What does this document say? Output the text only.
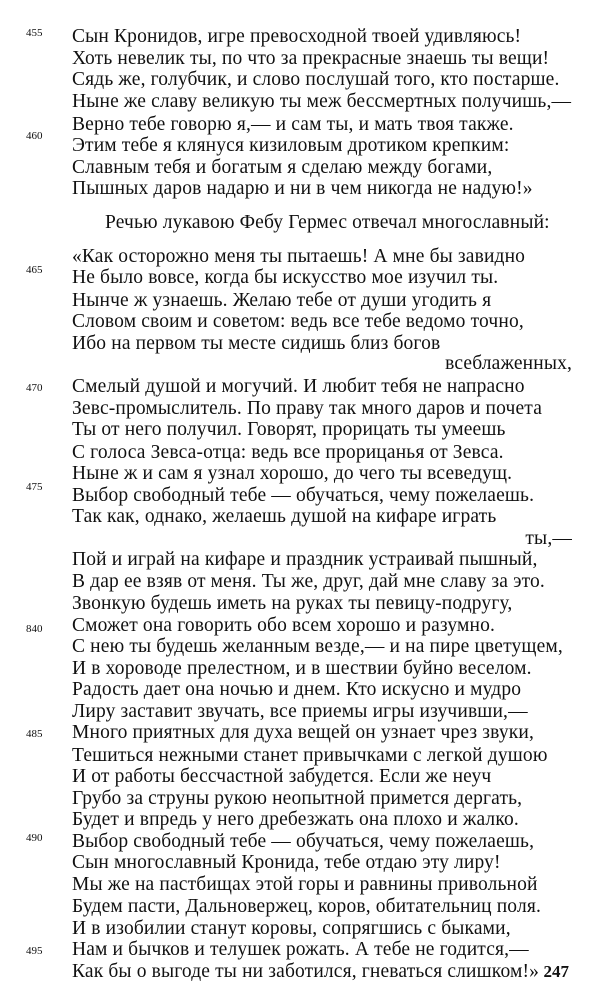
455 Сын Кронидов, игре превосходной твоей удивляюсь!
Хоть невелик ты, по что за прекрасные знаешь ты вещи!
Сядь же, голубчик, и слово послушай того, кто постарше.
Ныне же славу великую ты меж бессмертных получишь,—
Верно тебе говорю я,— и сам ты, и мать твоя также.
460 Этим тебе я клянуся кизиловым дротиком крепким:
Славным тебя и богатым я сделаю между богами,
Пышных даров надарю и ни в чем никогда не надую!»
Речью лукавою Фебу Гермес отвечал многославный:
«Как осторожно меня ты пытаешь! А мне бы завидно
465 Не было вовсе, когда бы искусство мое изучил ты.
Нынче ж узнаешь. Желаю тебе от души угодить я
Словом своим и советом: ведь все тебе ведомо точно,
Ибо на первом ты месте сидишь близ богов
всеблаженных,
Смелый душой и могучий. И любит тебя не напрасно
470
Зевс-промыслитель. По праву так много даров и почета
Ты от него получил. Говорят, прорицать ты умеешь
С голоса Зевса-отца: ведь все прорицанья от Зевса.
Ныне ж и сам я узнал хорошо, до чего ты всеведущ.
Выбор свободный тебе — обучаться, чему пожелаешь.
475
Так как, однако, желаешь душой на кифаре играть
ты,—
Пой и играй на кифаре и праздник устраивай пышный,
В дар ее взяв от меня. Ты же, друг, дай мне славу за это.
Звонкую будешь иметь на руках ты певицу-подругу,
Сможет она говорить обо всем хорошо и разумно.
840
С нею ты будешь желанным везде,— и на пире цветущем,
И в хороводе прелестном, и в шествии буйно веселом.
Радость дает она ночью и днем. Кто искусно и мудро
Лиру заставит звучать, все приемы игры изучивши,—
Много приятных для духа вещей он узнает чрез звуки,
485
Тешиться нежными станет привычками с легкой душою
И от работы бессчастной забудется. Если же неуч
Грубо за струны рукою неопытной примется дергать,
Будет и впредь у него дребезжать она плохо и жалко.
Выбор свободный тебе — обучаться, чему пожелаешь,
490
Сын многославный Кронида, тебе отдаю эту лиру!
Мы же на пастбищах этой горы и равнины привольной
Будем пасти, Дальновержец, коров, обитательниц поля.
И в изобилии станут коровы, сопрягшись с быками,
Нам и бычков и телушек рожать. А тебе не годится,—
495
Как бы о выгоде ты ни заботился, гневаться слишком!» 247
